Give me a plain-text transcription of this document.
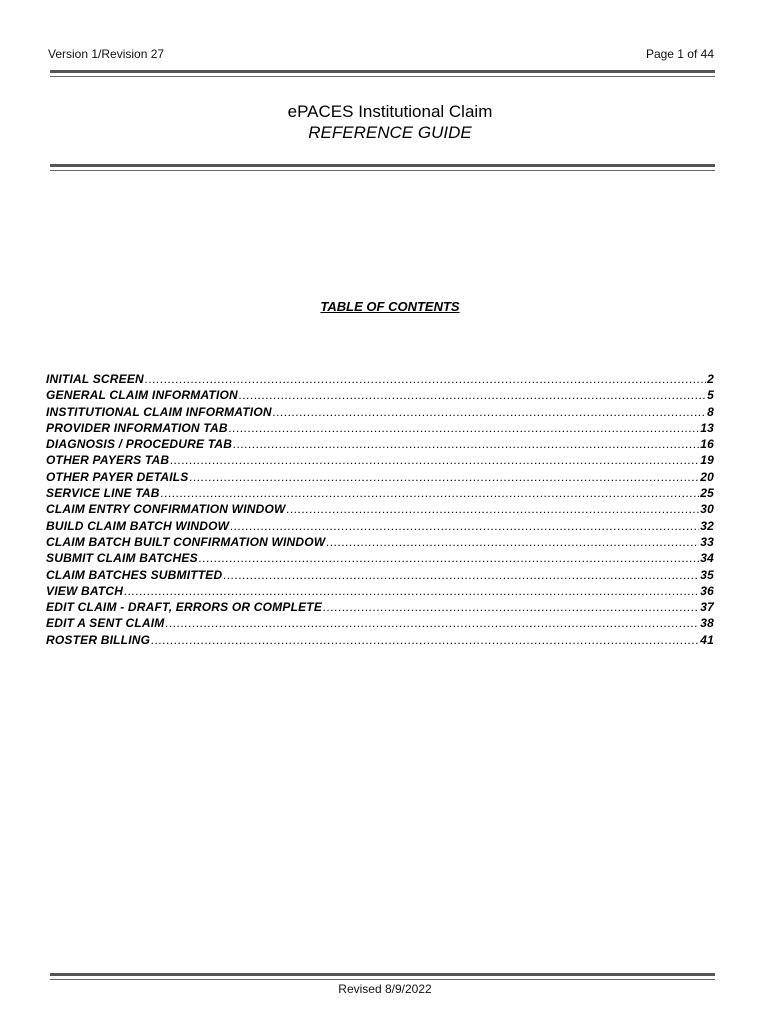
Version 1/Revision 27	Page 1 of 44
ePACES Institutional Claim
REFERENCE GUIDE
TABLE OF CONTENTS
INITIAL SCREEN .....	2
GENERAL CLAIM INFORMATION .....	5
INSTITUTIONAL CLAIM INFORMATION .....	8
PROVIDER INFORMATION TAB .....	13
DIAGNOSIS / PROCEDURE TAB .....	16
OTHER PAYERS TAB .....	19
OTHER PAYER DETAILS .....	20
SERVICE LINE TAB .....	25
CLAIM ENTRY CONFIRMATION WINDOW .....	30
BUILD CLAIM BATCH WINDOW .....	32
CLAIM BATCH BUILT CONFIRMATION WINDOW .....	33
SUBMIT CLAIM BATCHES .....	34
CLAIM BATCHES SUBMITTED .....	35
VIEW BATCH .....	36
EDIT CLAIM - DRAFT, ERRORS OR COMPLETE .....	37
EDIT A SENT CLAIM .....	38
ROSTER BILLING .....	41
Revised 8/9/2022
